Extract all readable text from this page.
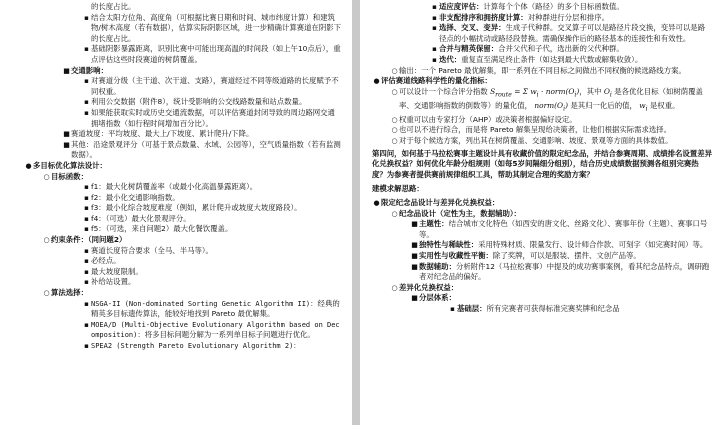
的长度占比。
▪ 结合太阳方位角、高度角（可根据比赛日期和时间、城市纬度计算）和建筑物/树木高度（若有数据），估算实际阴影区域，进一步精确计算赛道在阴影下的长度占比。
▪ 基础阴影暴露距离，识别比赛中可能出现高温的时间段（如上午10点后），重点评估这些时段赛道的树荫覆盖。
■ 交通影响：
▪ 对赛道分级（主干道、次干道、支路），赛道经过不同等级道路的长度赋予不同权重。
▪ 利用公交数据（附件8），统计受影响的公交线路数量和站点数量。
▪ 如果能获取实时或历史交通流数据，可以评估赛道封闭导致的周边路网交通拥堵指数（如行程时间增加百分比）。
■ 赛道坡度：平均坡度、最大上/下坡度、累计爬升/下降。
■ 其他：沿途景观评分（可基于景点数量、水域、公园等），空气质量指数（若有监测数据）。
● 多目标优化算法设计：
○ 目标函数：
▪ f1：最大化树荫覆盖率（或最小化高温暴露距离）。
▪ f2：最小化交通影响指数。
▪ f3：最小化综合坡度难度（例如，累计爬升或坡度大坡度路段）。
▪ f4：（可选）最大化景观评分。
▪ f5：（可选，来自问题2）最大化餐饮覆盖。
○ 约束条件：（同问题2）
▪ 赛道长度符合要求（全马、半马等）。
▪ 必经点。
▪ 最大坡度限制。
▪ 补给站设置。
○ 算法选择：
▪ NSGA-II (Non-dominated Sorting Genetic Algorithm II)：经典的精英多目标遗传算法，能较好地找到 Pareto 最优解集。
▪ MOEA/D (Multi-Objective Evolutionary Algorithm based on Decomposition)：将多目标问题分解为一系列单目标子问题进行优化。
▪ SPEA2 (Strength Pareto Evolutionary Algorithm 2)：
▪ 适应度评估：计算每个个体（路径）的多个目标函数值。
▪ 非支配排序和拥挤度计算：对种群进行分层和排序。
▪ 选择、交叉、变异：生成子代种群。交叉算子可以是路径片段交换，变异可以是路径点的小幅扰动或路径段替换。需确保操作后的路径基本的连接性和有效性。
▪ 合并与精英保留：合并父代和子代，选出新的父代种群。
▪ 迭代：重复直至满足终止条件（如达到最大代数或解集收敛）。
○ 输出：一个 Pareto 最优解集，即一系列在不同目标之间做出不同权衡的候选路线方案。
● 评估赛道线路科学性的量化指标：
○ 可以设计一个综合评分指数 $S_{route} = \Sigma$ $w_i$ · $norm(O_i)$，其中 $O_i$ 是各优化目标（如树荫覆盖率、交通影响指数的倒数等）的量化值， $norm(O_i)$ 是其归一化后的值， $w_i$ 是权重。
○ 权重可以由专家打分（AHP）或决策者根据偏好设定。
○ 也可以不进行综合，而是将 Pareto 解集呈现给决策者，让他们根据实际需求选择。
○ 对于每个候选方案，列出其在树荫覆盖、交通影响、坡度、景观等方面的具体数值。

第四问，如何基于马拉松赛事主题设计具有收藏价值的限定纪念品，并结合参赛周期、成绩排名设置差异化兑换权益？如何优化年龄分组规则（如每5岁间隔细分组别），结合历史成绩数据预测各组别完赛热度？为参赛者提供赛前规律组织工具，帮助其制定合理的奖励方案？

建模求解思路：

● 限定纪念品设计与差异化兑换权益：
○ 纪念品设计（定性为主，数据辅助）：
■ 主题性：结合城市文化特色（如西安的唐文化、丝路文化）、赛事年份（主题）、赛事口号等。
■ 独特性与稀缺性：采用特殊材质、限量发行、设计师合作款、可刻字（如完赛时间）等。
■ 实用性与收藏性平衡：除了奖牌，可以是服装、摆件、文创产品等。
■ 数据辅助：分析附件12（马拉松赛事）中提及的成功赛事案例，看其纪念品特点，调研跑者对纪念品的偏好。
○ 差异化兑换权益：
■ 分层体系：
▪ 基础层：所有完赛者可获得标准完赛奖牌和纪念品
